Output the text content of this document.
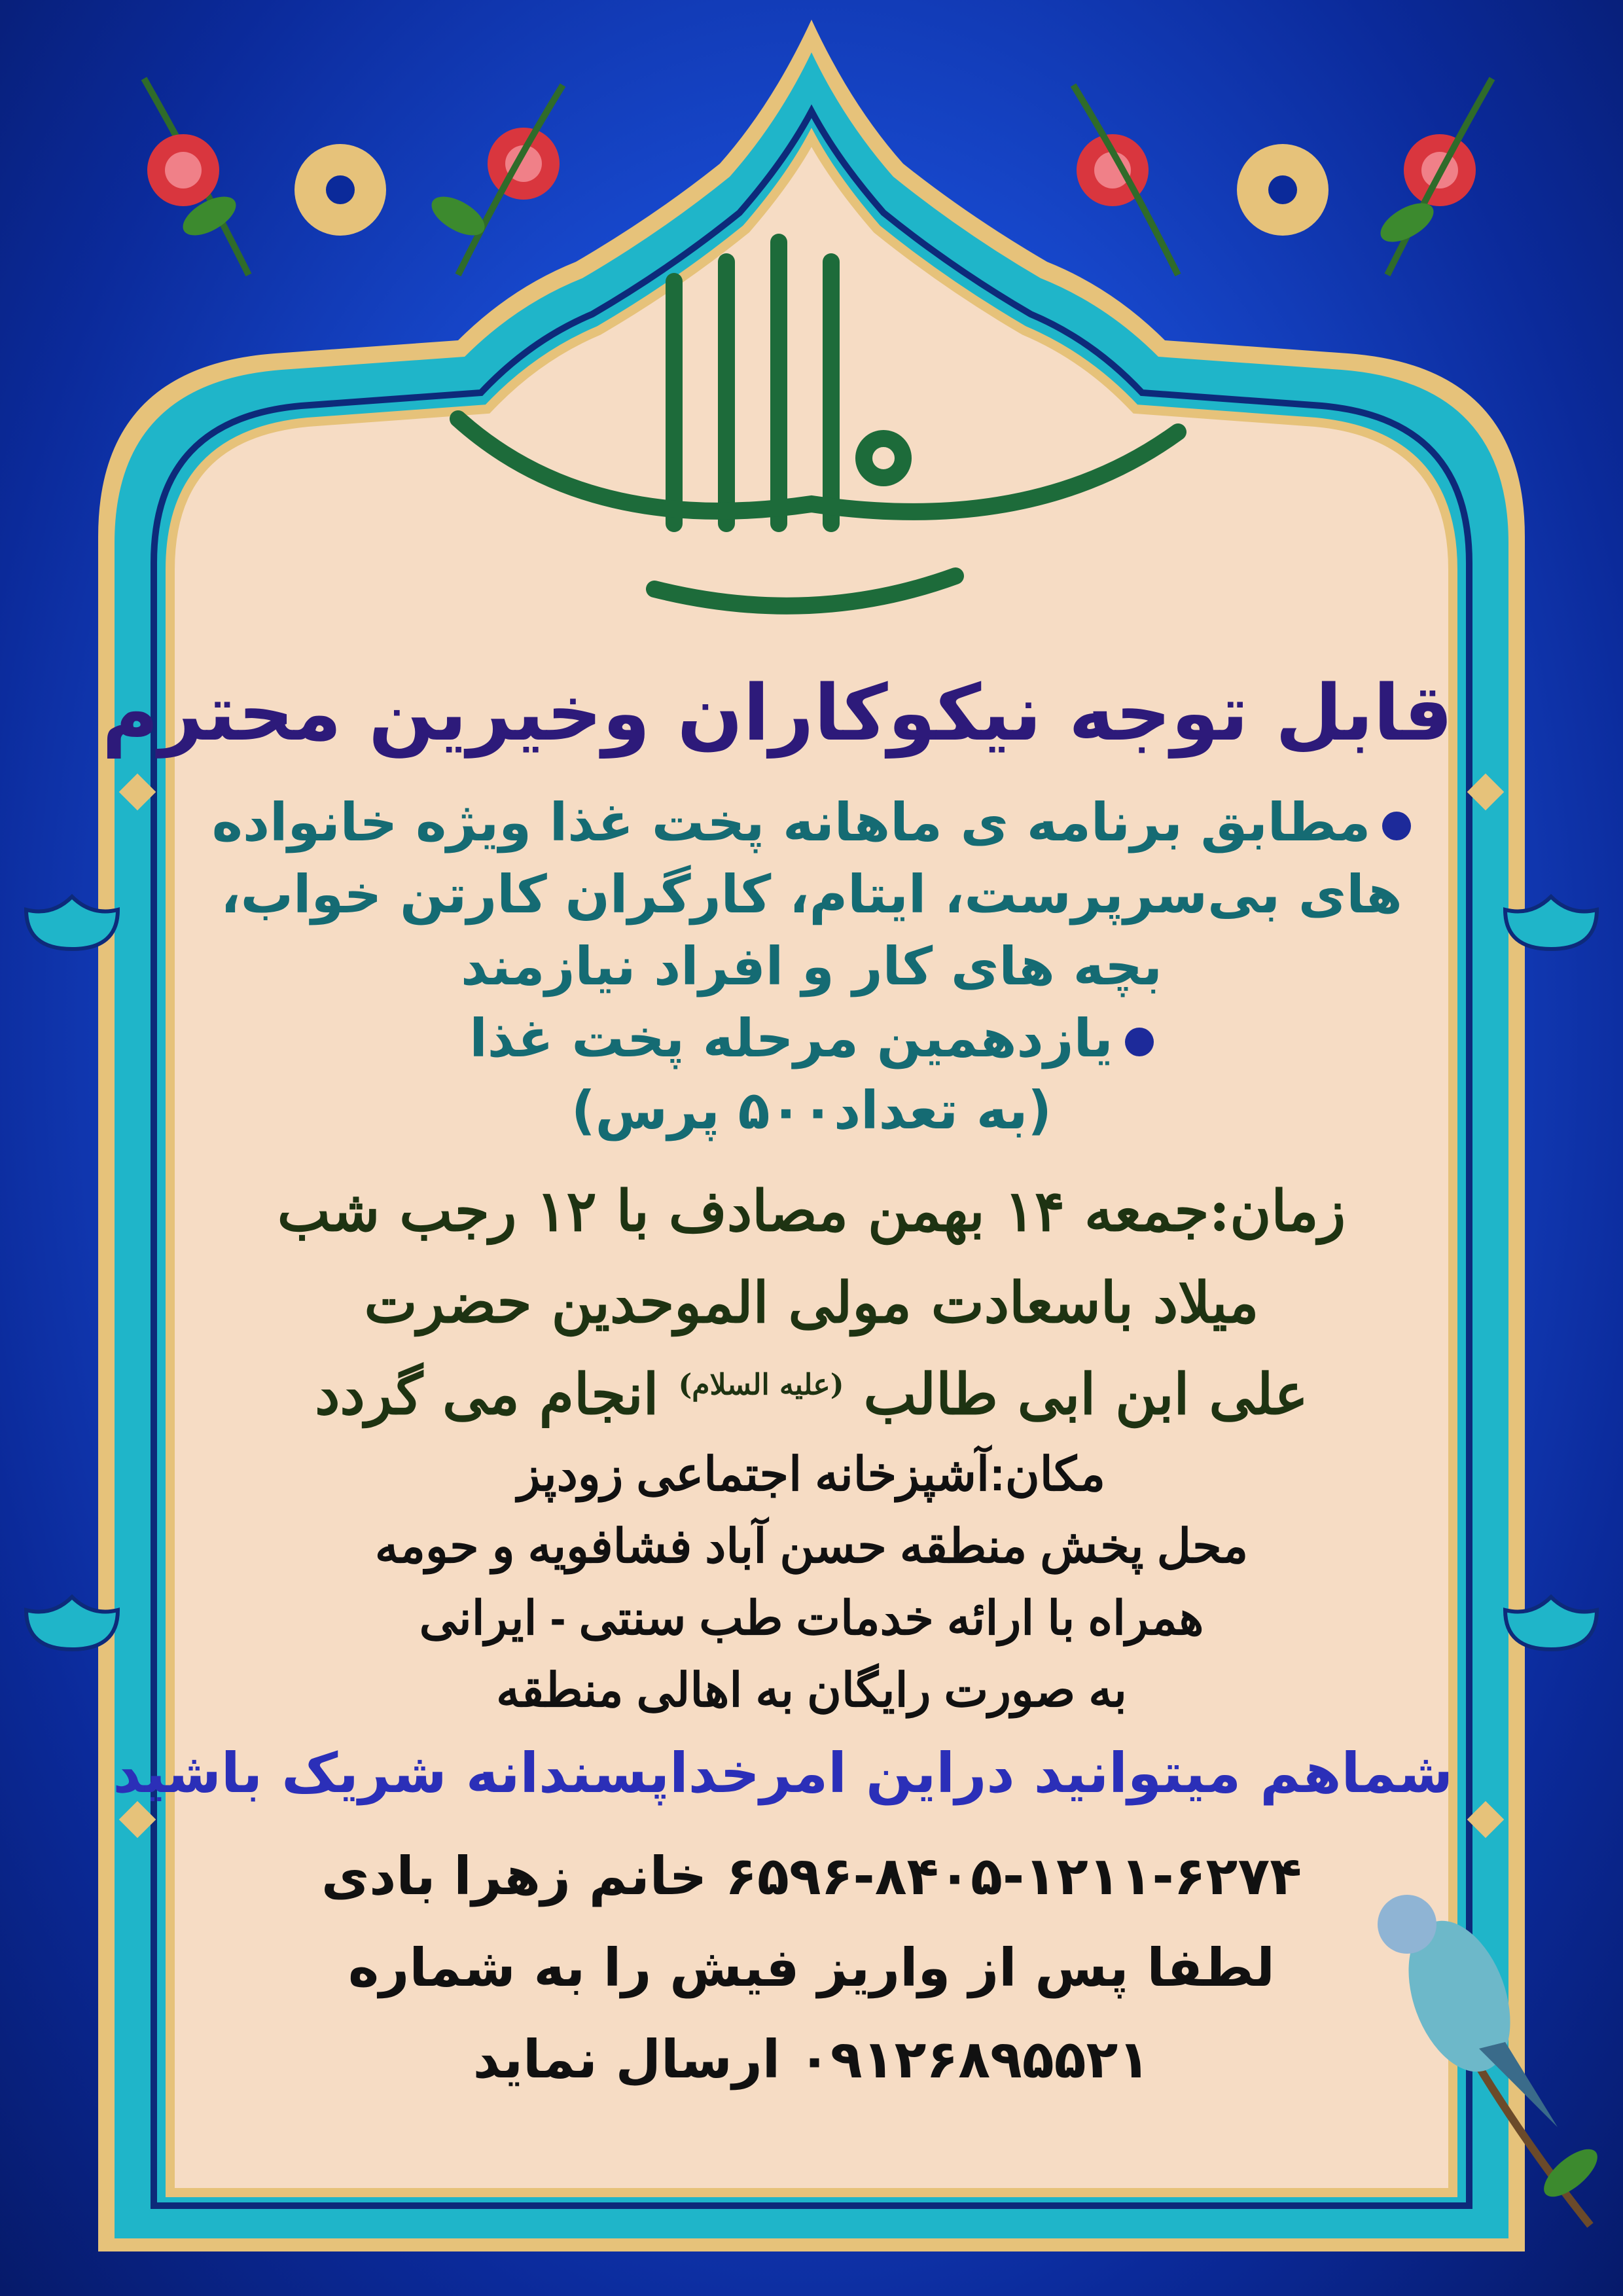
قابل توجه نیکوکاران وخیرین محترم
مطابق برنامه ی ماهانه پخت غذا ویژه خانواده
های بی‌سرپرست، ایتام، کارگران کارتن خواب،
بچه های کار و افراد نیازمند
یازدهمین مرحله پخت غذا
(به تعداد۵۰۰ پرس)
زمان:جمعه ۱۴ بهمن مصادف با ۱۲ رجب شب
میلاد باسعادت مولی الموحدین حضرت
علی ابن ابی طالب $^{(علیه السلام)}$ انجام می گردد
مکان:آشپزخانه اجتماعی زودپز
محل پخش منطقه حسن آباد فشافویه و حومه
همراه با ارائه خدمات طب سنتی - ایرانی
به صورت رایگان به اهالی منطقه
شماهم میتوانید دراین امرخداپسندانه شریک باشید
۶۵۹۶-۸۴۰۵-۱۲۱۱-۶۲۷۴ خانم زهرا بادی
لطفا پس از واریز فیش را به شماره
۰۹۱۲۶۸۹۵۵۲۱ ارسال نماید
